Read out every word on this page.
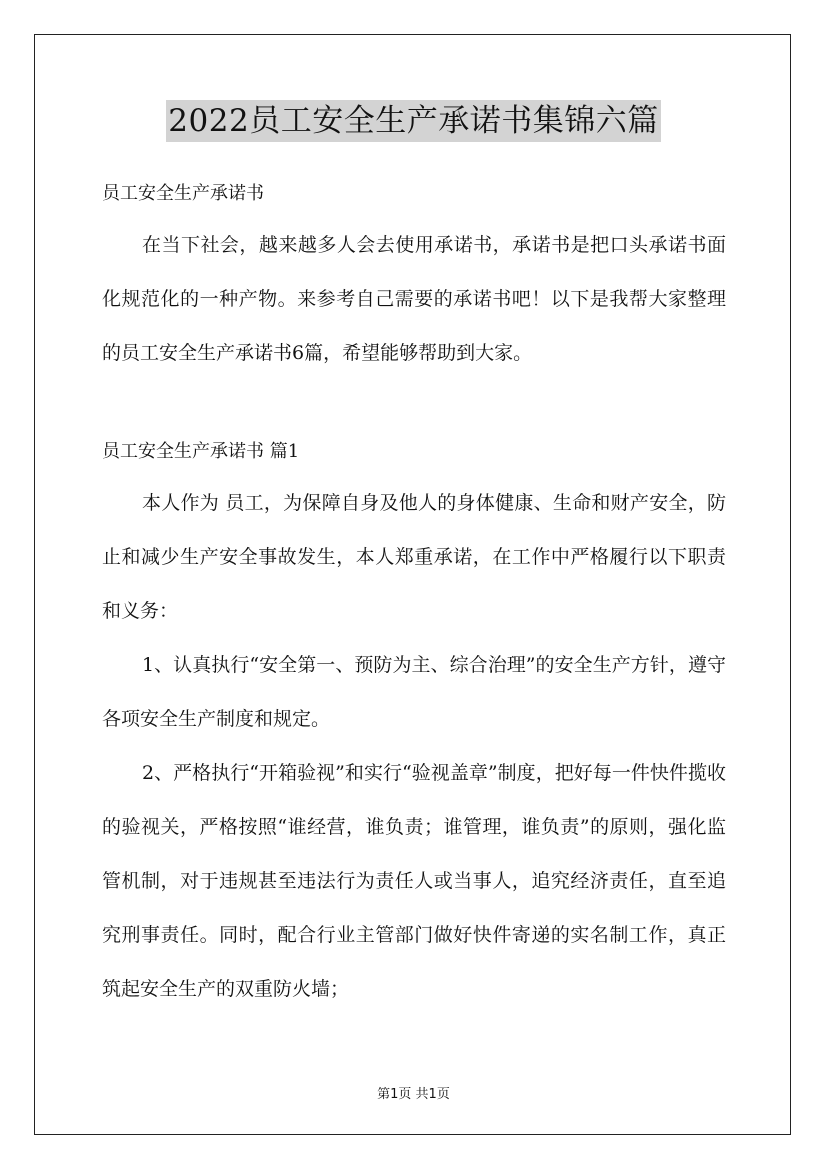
2022员工安全生产承诺书集锦六篇

员工安全生产承诺书

在当下社会，越来越多人会去使用承诺书，承诺书是把口头承诺书面化规范化的一种产物。来参考自己需要的承诺书吧！以下是我帮大家整理的员工安全生产承诺书6篇，希望能够帮助到大家。

员工安全生产承诺书 篇1

本人作为 员工，为保障自身及他人的身体健康、生命和财产安全，防止和减少生产安全事故发生，本人郑重承诺，在工作中严格履行以下职责和义务：

1、认真执行“安全第一、预防为主、综合治理”的安全生产方针，遵守各项安全生产制度和规定。

2、严格执行“开箱验视”和实行“验视盖章”制度，把好每一件快件揽收的验视关，严格按照“谁经营，谁负责；谁管理，谁负责”的原则，强化监管机制，对于违规甚至违法行为责任人或当事人，追究经济责任，直至追究刑事责任。同时，配合行业主管部门做好快件寄递的实名制工作，真正筑起安全生产的双重防火墙；

第1页 共1页
